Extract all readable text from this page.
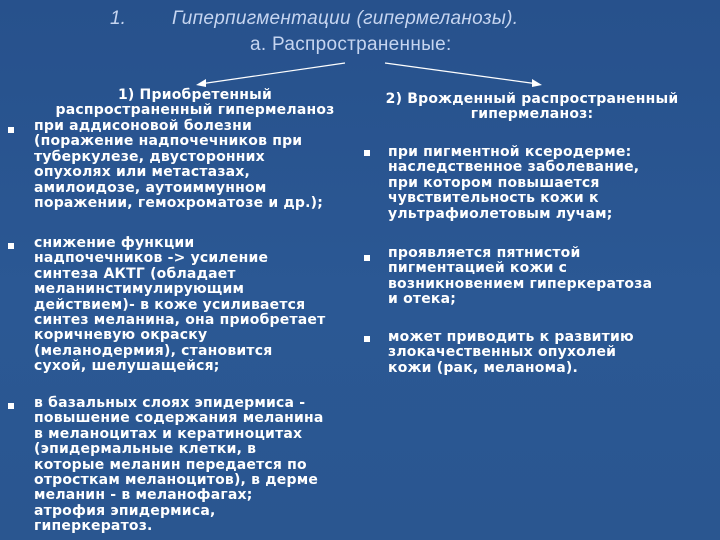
1.	Гиперпигментации (гипермеланозы).
а. Распространенные:
1) Приобретенный
распространенный гипермеланоз
при аддисоновой болезни
(поражение надпочечников при
туберкулезе, двусторонних
опухолях или метастазах,
амилоидозе, аутоиммунном
поражении, гемохроматозе и др.);
снижение функции
надпочечников -> усиление
синтеза АКТГ (обладает
меланинстимулирующим
действием)- в коже усиливается
синтез меланина, она приобретает
коричневую окраску
(меланодермия), становится
сухой, шелушащейся;
в базальных слоях эпидермиса -
повышение содержания меланина
в меланоцитах и кератиноцитах
(эпидермальные клетки, в
которые меланин передается по
отросткам меланоцитов), в дерме
меланин - в меланофагах;
атрофия эпидермиса,
гиперкератоз.
2) Врожденный распространенный
гипермеланоз:
при пигментной ксеродерме:
наследственное заболевание,
при котором повышается
чувствительность кожи к
ультрафиолетовым лучам;
проявляется пятнистой
пигментацией кожи с
возникновением гиперкератоза
и отека;
может приводить к развитию
злокачественных опухолей
кожи (рак, меланома).
